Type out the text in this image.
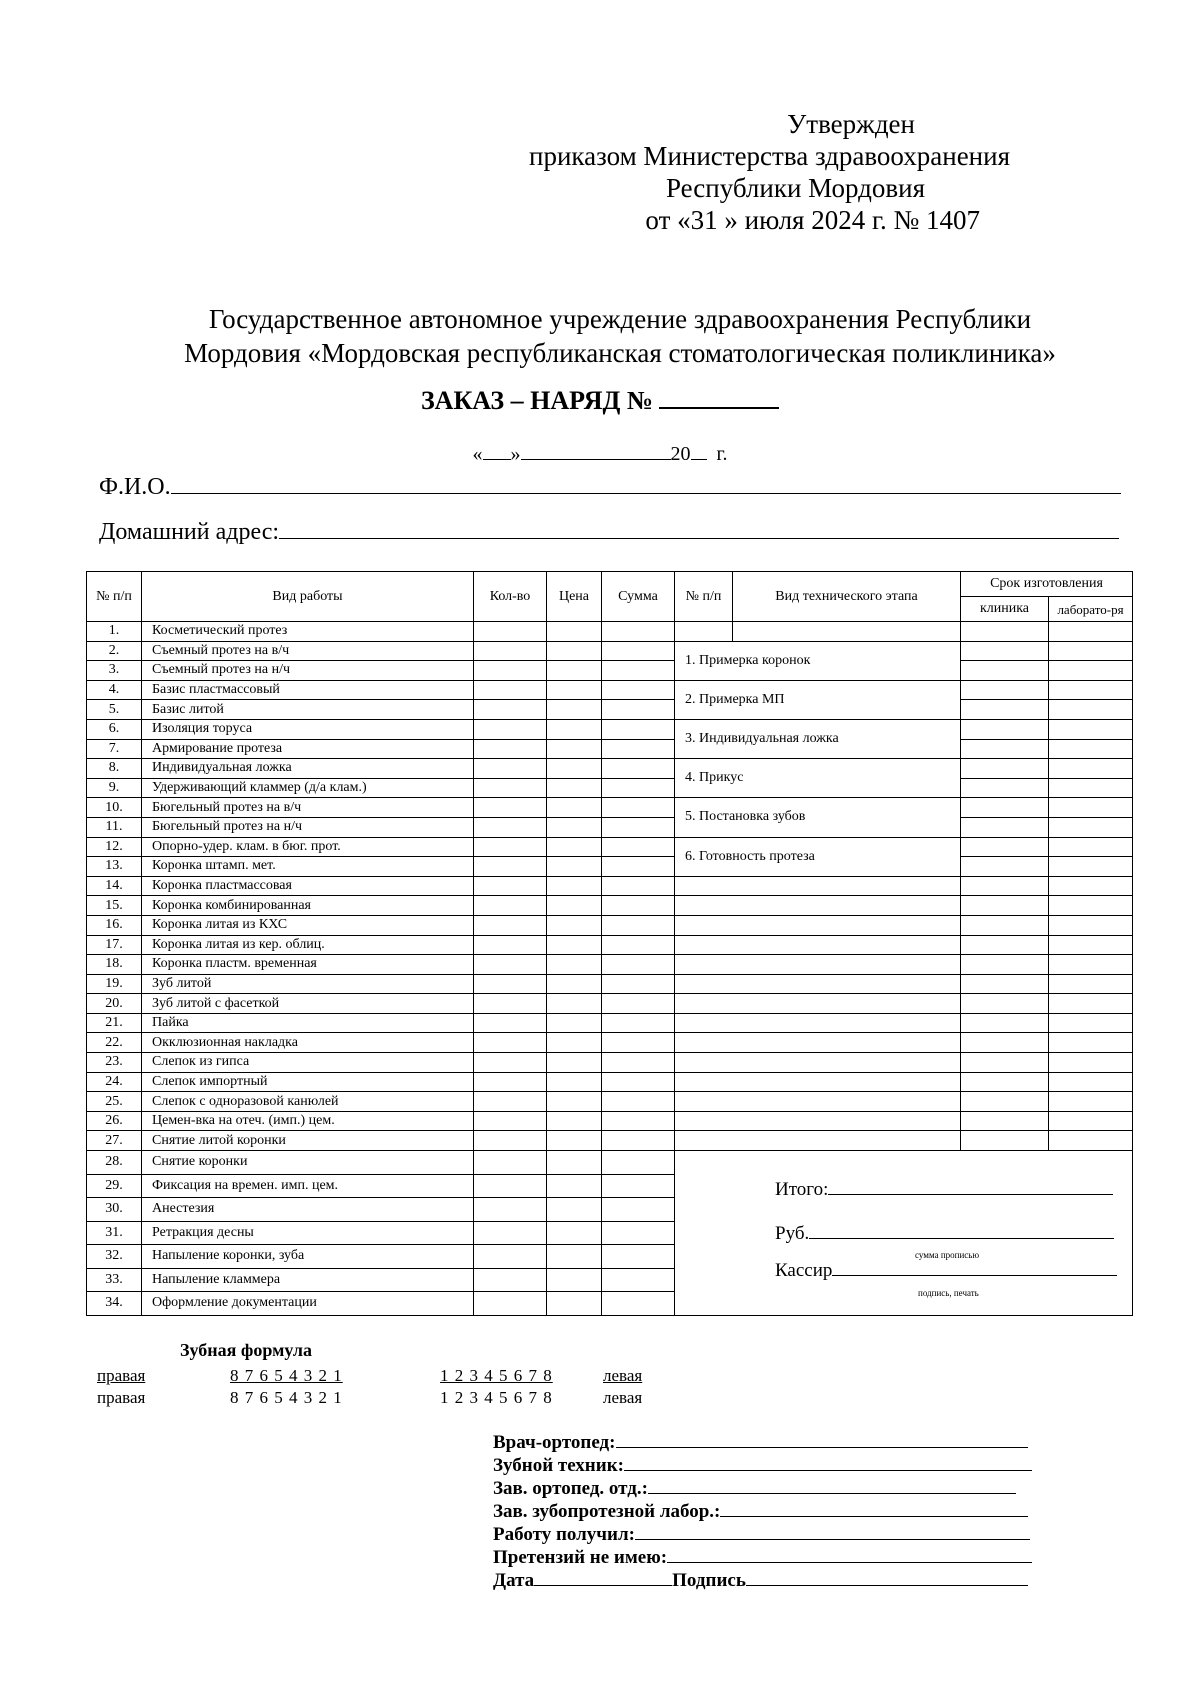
Утвержден
приказом Министерства здравоохранения
Республики Мордовия
от «31 » июля 2024 г. № 1407
Государственное автономное учреждение здравоохранения Республики
Мордовия «Мордовская республиканская стоматологическая поликлиника»
ЗАКАЗ – НАРЯД №
« »	20 г.
Ф.И.О.
Домашний адрес:
№ п/п	Вид работы	Кол-во	Цена	Сумма	№ п/п	Вид технического этапа	Срок изготовления	
							клиника	лаборато-ря
1.	Косметический протез							
2.	Съемный протез на в/ч				1. Примерка коронок			
3.	Съемный протез на н/ч							
4.	Базис пластмассовый				2. Примерка МП			
5.	Базис литой							
6.	Изоляция торуса				3. Индивидуальная ложка			
7.	Армирование протеза							
8.	Индивидуальная ложка				4. Прикус			
9.	Удерживающий кламмер (д/а клам.)							
10.	Бюгельный протез на в/ч				5. Постановка зубов			
11.	Бюгельный протез на н/ч							
12.	Опорно-удер. клам. в бюг. прот.				6. Готовность протеза			
13.	Коронка штамп. мет.							
14.	Коронка пластмассовая							
15.	Коронка комбинированная							
16.	Коронка литая из КХС							
17.	Коронка литая из кер. облиц.							
18.	Коронка пластм. временная							
19.	Зуб литой							
20.	Зуб литой с фасеткой							
21.	Пайка							
22.	Окклюзионная накладка							
23.	Слепок из гипса							
24.	Слепок импортный							
25.	Слепок с одноразовой канюлей							
26.	Цемен-вка на отеч. (имп.) цем.							
27.	Снятие литой коронки							
28.	Снятие коронки				Итого:
Руб.
сумма прописью
Кассир
подпись, печать			

29.	Фиксация на времен. имп. цем.							
30.	Анестезия							
31.	Ретракция десны							
32.	Напыление коронки, зуба							
33.	Напыление кламмера							
34.	Оформление документации							
Зубная формула
правая	8 7 6 5 4 3 2 1	1 2 3 4 5 6 7 8	левая
правая	8 7 6 5 4 3 2 1	1 2 3 4 5 6 7 8	левая
Врач-ортопед:
Зубной техник:
Зав. ортопед. отд.:
Зав. зубопротезной лабор.:
Работу получил:
Претензий не имею:
Дата	Подпись
